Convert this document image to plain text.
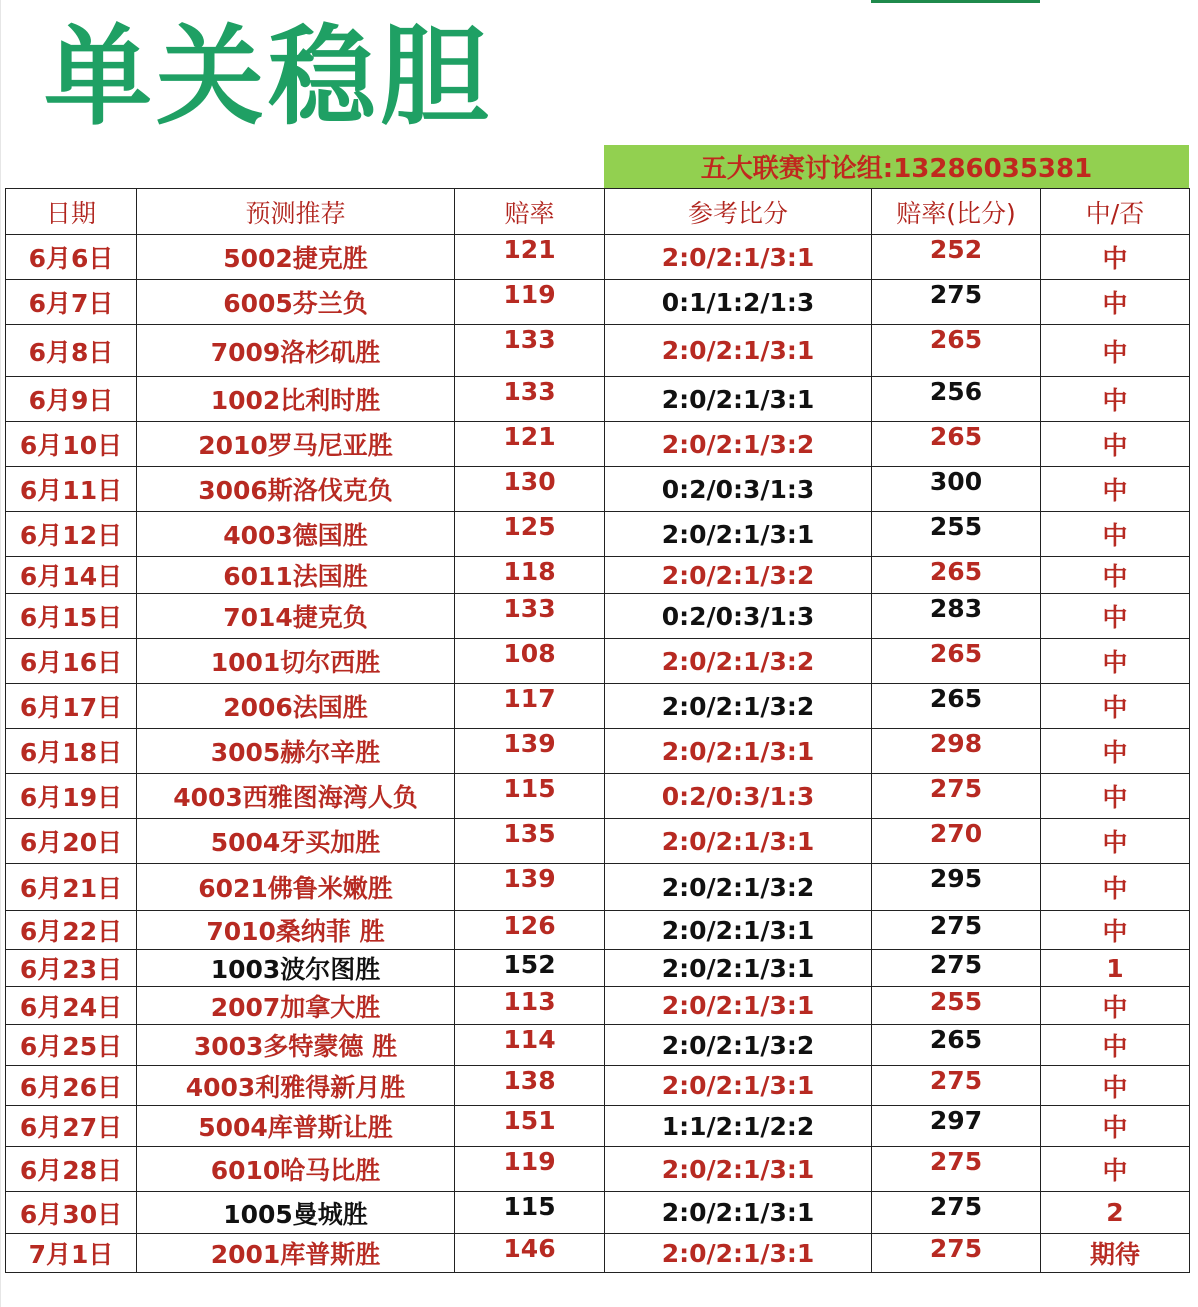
单关稳胆
五大联赛讨论组:13286035381
日期	预测推荐	赔率	参考比分	赔率(比分)	中/否
6月6日	5002捷克胜	121	2:0/2:1/3:1	252	中
6月7日	6005芬兰负	119	0:1/1:2/1:3	275	中
6月8日	7009洛杉矶胜	133	2:0/2:1/3:1	265	中
6月9日	1002比利时胜	133	2:0/2:1/3:1	256	中
6月10日	2010罗马尼亚胜	121	2:0/2:1/3:2	265	中
6月11日	3006斯洛伐克负	130	0:2/0:3/1:3	300	中
6月12日	4003德国胜	125	2:0/2:1/3:1	255	中
6月14日	6011法国胜	118	2:0/2:1/3:2	265	中
6月15日	7014捷克负	133	0:2/0:3/1:3	283	中
6月16日	1001切尔西胜	108	2:0/2:1/3:2	265	中
6月17日	2006法国胜	117	2:0/2:1/3:2	265	中
6月18日	3005赫尔辛胜	139	2:0/2:1/3:1	298	中
6月19日	4003西雅图海湾人负	115	0:2/0:3/1:3	275	中
6月20日	5004牙买加胜	135	2:0/2:1/3:1	270	中
6月21日	6021佛鲁米嫩胜	139	2:0/2:1/3:2	295	中
6月22日	7010桑纳菲 胜	126	2:0/2:1/3:1	275	中
6月23日	1003波尔图胜	152	2:0/2:1/3:1	275	1
6月24日	2007加拿大胜	113	2:0/2:1/3:1	255	中
6月25日	3003多特蒙德 胜	114	2:0/2:1/3:2	265	中
6月26日	4003利雅得新月胜	138	2:0/2:1/3:1	275	中
6月27日	5004库普斯让胜	151	1:1/2:1/2:2	297	中
6月28日	6010哈马比胜	119	2:0/2:1/3:1	275	中
6月30日	1005曼城胜	115	2:0/2:1/3:1	275	2
7月1日	2001库普斯胜	146	2:0/2:1/3:1	275	期待
